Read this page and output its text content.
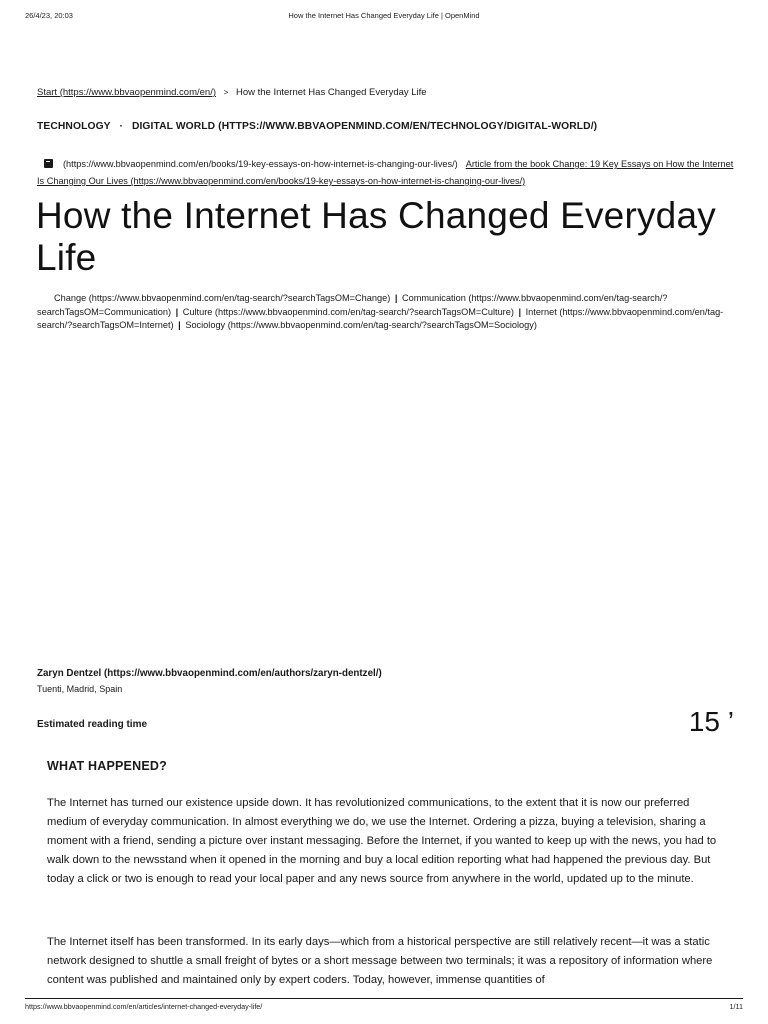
26/4/23, 20:03	How the Internet Has Changed Everyday Life | OpenMind
Start (https://www.bbvaopenmind.com/en/) > How the Internet Has Changed Everyday Life
TECHNOLOGY · DIGITAL WORLD (HTTPS://WWW.BBVAOPENMIND.COM/EN/TECHNOLOGY/DIGITAL-WORLD/)
(https://www.bbvaopenmind.com/en/books/19-key-essays-on-how-internet-is-changing-our-lives/) Article from the book Change: 19 Key Essays on How the Internet Is Changing Our Lives (https://www.bbvaopenmind.com/en/books/19-key-essays-on-how-internet-is-changing-our-lives/)
How the Internet Has Changed Everyday Life
Change (https://www.bbvaopenmind.com/en/tag-search/?searchTagsOM=Change) | Communication (https://www.bbvaopenmind.com/en/tag-search/?searchTagsOM=Communication) | Culture (https://www.bbvaopenmind.com/en/tag-search/?searchTagsOM=Culture) | Internet (https://www.bbvaopenmind.com/en/tag-search/?searchTagsOM=Internet) | Sociology (https://www.bbvaopenmind.com/en/tag-search/?searchTagsOM=Sociology)
Zaryn Dentzel (https://www.bbvaopenmind.com/en/authors/zaryn-dentzel/)
Tuenti, Madrid, Spain
Estimated reading time	15 ’
WHAT HAPPENED?

The Internet has turned our existence upside down. It has revolutionized communications, to the extent that it is now our preferred medium of everyday communication. In almost everything we do, we use the Internet. Ordering a pizza, buying a television, sharing a moment with a friend, sending a picture over instant messaging. Before the Internet, if you wanted to keep up with the news, you had to walk down to the newsstand when it opened in the morning and buy a local edition reporting what had happened the previous day. But today a click or two is enough to read your local paper and any news source from anywhere in the world, updated up to the minute.

The Internet itself has been transformed. In its early days—which from a historical perspective are still relatively recent—it was a static network designed to shuttle a small freight of bytes or a short message between two terminals; it was a repository of information where content was published and maintained only by expert coders. Today, however, immense quantities of

https://www.bbvaopenmind.com/en/articles/internet-changed-everyday-life/	1/11
